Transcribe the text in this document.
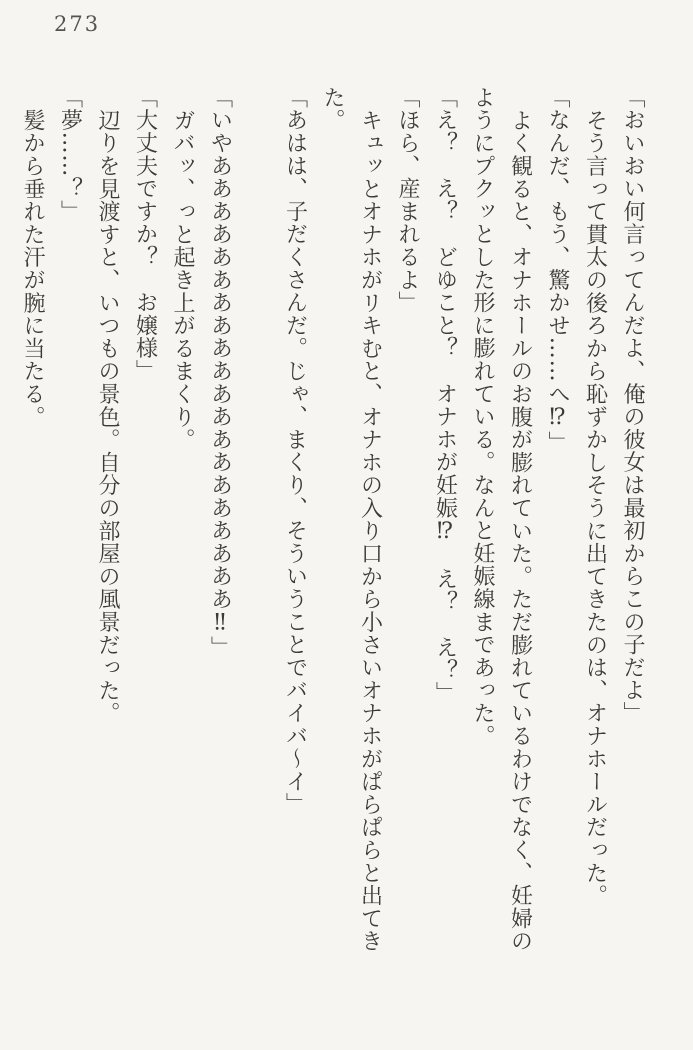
273

「おいおい何言ってんだよ、俺の彼女は最初からこの子だよ」

そう言って貫太の後ろから恥ずかしそうに出てきたのは、オナホールだった。

「なんだ、もう、驚かせ……へ⁉」

よく観ると、オナホールのお腹が膨れていた。ただ膨れているわけでなく、妊婦の

ようにプクッとした形に膨れている。なんと妊娠線まであった。

「え？　え？　どゆこと？　オナホが妊娠⁉　え？　え？」

「ほら、産まれるよ」

キュッとオナホがリキむと、オナホの入り口から小さいオナホがぱらぱらと出てき

た。

「あはは、子だくさんだ。じゃ、まくり、そういうことでバイバ～イ」

「いやああああああああああああああああああああ‼」

ガバッ、っと起き上がるまくり。

「大丈夫ですか？　お嬢様」

辺りを見渡すと、いつもの景色。自分の部屋の風景だった。

「夢……？」

髪から垂れた汗が腕に当たる。
